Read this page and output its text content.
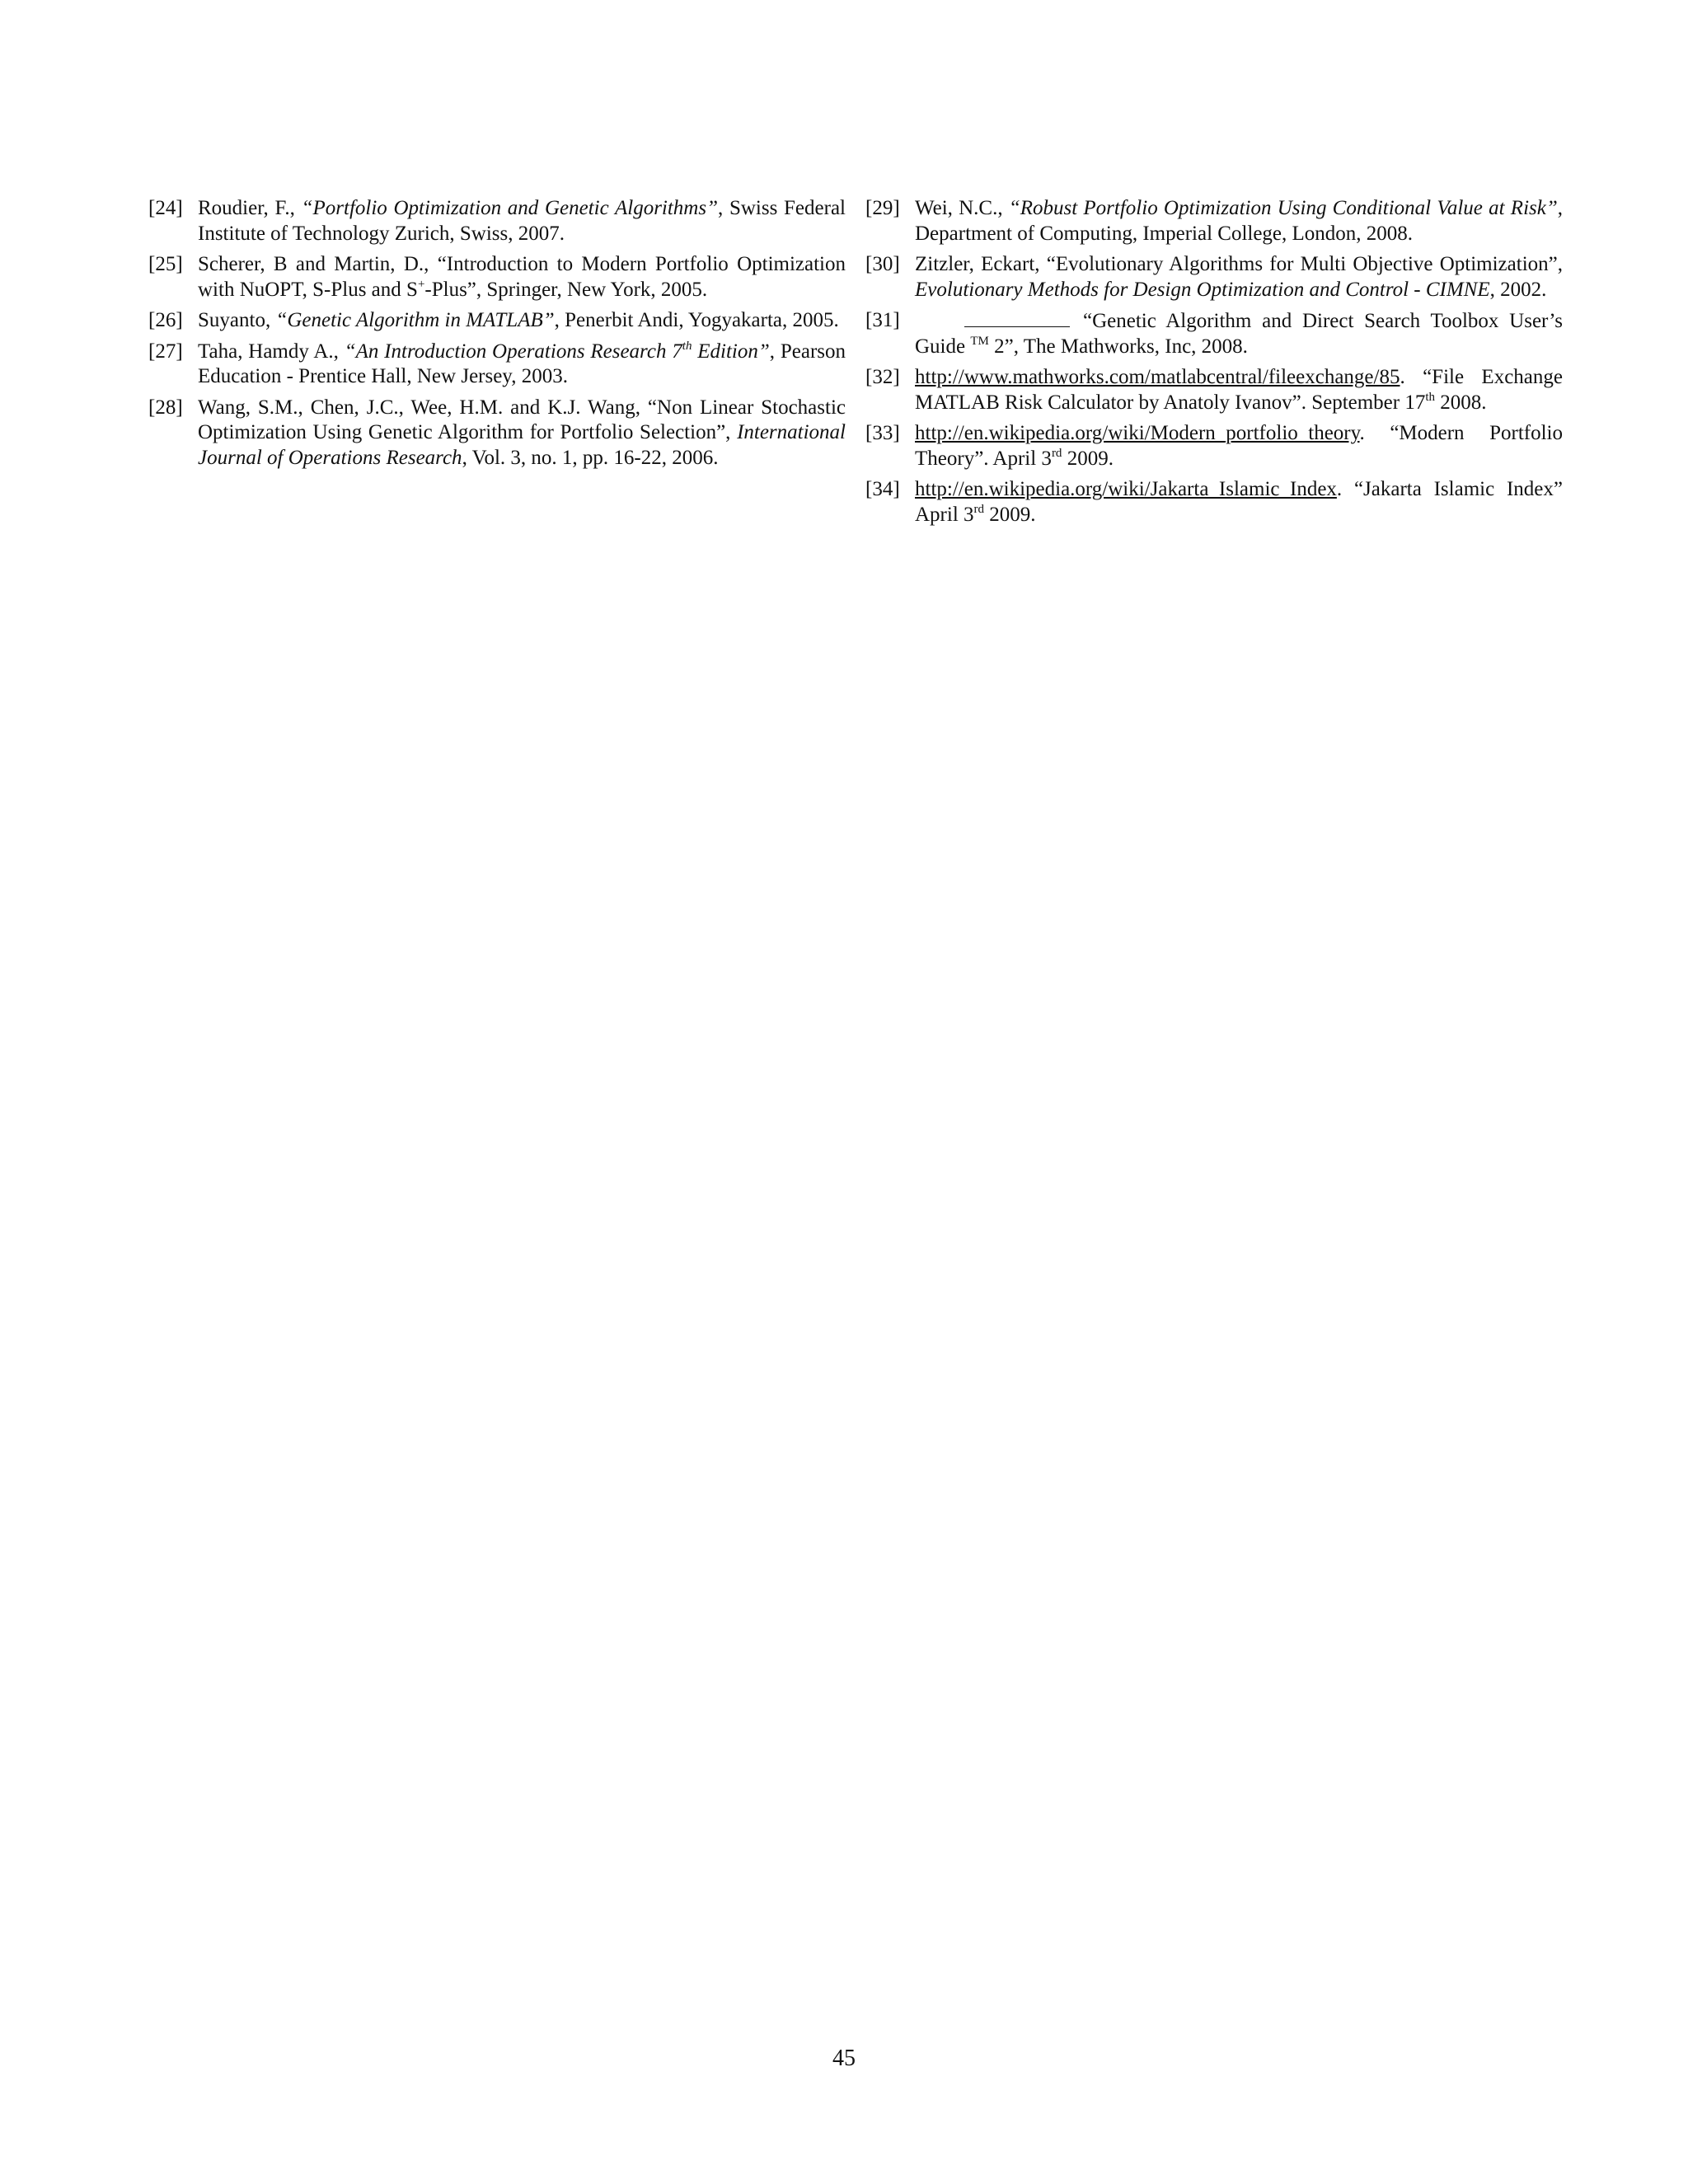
[24] Roudier, F., “Portfolio Optimization and Genetic Algorithms”, Swiss Federal Institute of Technology Zurich, Swiss, 2007.
[25] Scherer, B and Martin, D., “Introduction to Modern Portfolio Optimization with NuOPT, S-Plus and S+-Plus”, Springer, New York, 2005.
[26] Suyanto, “Genetic Algorithm in MATLAB”, Penerbit Andi, Yogyakarta, 2005.
[27] Taha, Hamdy A., “An Introduction Operations Research 7th Edition”, Pearson Education - Prentice Hall, New Jersey, 2003.
[28] Wang, S.M., Chen, J.C., Wee, H.M. and K.J. Wang, “Non Linear Stochastic Optimization Using Genetic Algorithm for Portfolio Selection”, International Journal of Operations Research, Vol. 3, no. 1, pp. 16-22, 2006.
[29] Wei, N.C., “Robust Portfolio Optimization Using Conditional Value at Risk”, Department of Computing, Imperial College, London, 2008.
[30] Zitzler, Eckart, “Evolutionary Algorithms for Multi Objective Optimization”, Evolutionary Methods for Design Optimization and Control - CIMNE, 2002.
[31]	“Genetic Algorithm and Direct Search Toolbox User’s Guide ™ 2”, The Mathworks, Inc, 2008.
[32] http://www.mathworks.com/matlabcentral/fileexchange/85. “File Exchange MATLAB Risk Calculator by Anatoly Ivanov”. September 17th 2008.
[33] http://en.wikipedia.org/wiki/Modern_portfolio_theory. “Modern Portfolio Theory”. April 3rd 2009.
[34] http://en.wikipedia.org/wiki/Jakarta_Islamic_Index. “Jakarta Islamic Index” April 3rd 2009.
45
